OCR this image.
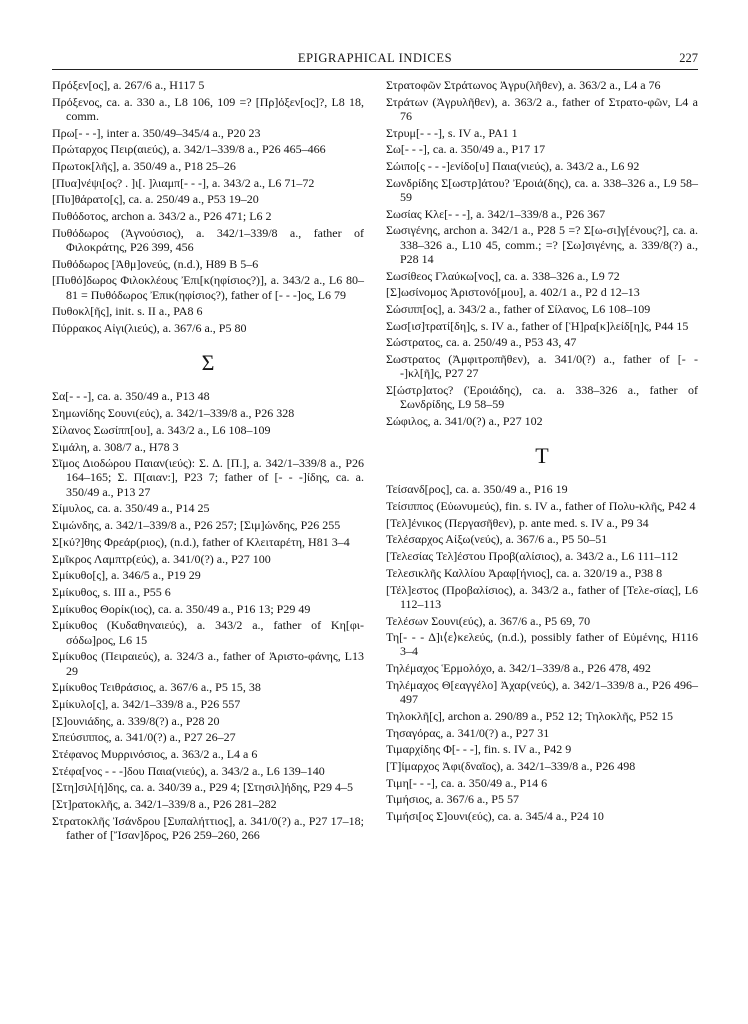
EPIGRAPHICAL INDICES	227

Πρόξεν[ος], a. 267/6 a., H117 5

Πρόξενος, ca. a. 330 a., L8 106, 109 =? [Πρ]όξεν[ος]?, L8 18, comm.

Πρω[- - -], inter a. 350/49–345/4 a., P20 23

Πρώταρχος Πειρ(αιεύς), a. 342/1–339/8 a., P26 465–466

Πρωτοκ[λῆς], a. 350/49 a., P18 25–26

[Πυα]νέψι[ος? . ]ι[. ]λιαμπ[- - -], a. 343/2 a., L6 71–72

[Πυ]θάρατο[ς], ca. a. 250/49 a., P53 19–20

Πυθόδοτος, archon a. 343/2 a., P26 471; L6 2

Πυθόδωρος (Ἁγνούσιος), a. 342/1–339/8 a., father of Φιλοκράτης, P26 399, 456

Πυθόδωρος [Ἀθμ]ονεύς, (n.d.), H89 B 5–6

[Πυθό]δωρος Φιλοκλέους Ἐπι[κ(ηφίσιος?)], a. 343/2 a., L6 80–81 = Πυθόδωρος Ἐπικ(ηφίσιος?), father of [- - -]ος, L6 79

Πυθοκλ[ῆς], init. s. II a., PA8 6

Πύρρακος Αἰγι(λιεύς), a. 367/6 a., P5 80

Σ

Σα[- - -], ca. a. 350/49 a., P13 48

Σημωνίδης Σουνι(εύς), a. 342/1–339/8 a., P26 328

Σίλανος Σωσίππ[ου], a. 343/2 a., L6 108–109

Σιμάλη, a. 308/7 a., H78 3

Σῖμος Διοδώρου Παιαν(ιεύς): Σ. Δ. [Π.], a. 342/1–339/8 a., P26 164–165; Σ. Π[αιαν:], P23 7; father of [- - -]ίδης, ca. a. 350/49 a., P13 27

Σίμυλος, ca. a. 350/49 a., P14 25

Σιμώνδης, a. 342/1–339/8 a., P26 257; [Σιμ]ώνδης, P26 255

Σ[κύ?]θης Φρεάρ(ριος), (n.d.), father of Κλειταρέτη, H81 3–4

Σμῖκρος Λαμπτρ(εύς), a. 341/0(?) a., P27 100

Σμίκυθο[ς], a. 346/5 a., P19 29

Σμίκυθος, s. III a., P55 6

Σμίκυθος Θορίκ(ιος), ca. a. 350/49 a., P16 13; P29 49

Σμίκυθος (Κυδαθηναιεύς), a. 343/2 a., father of Κη[φι-σόδω]ρος, L6 15

Σμίκυθος (Πειραιεύς), a. 324/3 a., father of Ἀριστο-φάνης, L13 29

Σμίκυθος Τειθράσιος, a. 367/6 a., P5 15, 38

Σμίκυλο[ς], a. 342/1–339/8 a., P26 557

[Σ]ουνιάδης, a. 339/8(?) a., P28 20

Σπεύσιππος, a. 341/0(?) a., P27 26–27

Στέφανος Μυρρινόσιος, a. 363/2 a., L4 a 6

Στέφα[νος - - -]δου Παια(νιεύς), a. 343/2 a., L6 139–140

[Στη]σιλ[ή]δης, ca. a. 340/39 a., P29 4; [Στησιλ]ήδης, P29 4–5

[Στ]ρατοκλῆς, a. 342/1–339/8 a., P26 281–282

Στρατοκλῆς Ἰσάνδρου [Συπαλήττιος], a. 341/0(?) a., P27 17–18; father of [Ἴσαν]δρος, P26 259–260, 266

Στρατοφῶν Στράτωνος Ἀγρυ(λῆθεν), a. 363/2 a., L4 a 76

Στράτων (Ἀγρυλῆθεν), a. 363/2 a., father of Στρατο-φῶν, L4 a 76

Στρυμ[- - -], s. IV a., PA1 1

Σω[- - -], ca. a. 350/49 a., P17 17

Σώιπο[ς - - -]ενίδο[υ] Παια(νιεύς), a. 343/2 a., L6 92

Σωνδρίδης Σ[ωστρ]άτου? Ἐροιά(δης), ca. a. 338–326 a., L9 58–59

Σωσίας Κλε[- - -], a. 342/1–339/8 a., P26 367

Σωσιγένης, archon a. 342/1 a., P28 5 =? Σ[ω-σι]γ[ένους?], ca. a. 338–326 a., L10 45, comm.; =? [Σω]σιγένης, a. 339/8(?) a., P28 14

Σωσίθεος Γλαύκω[νος], ca. a. 338–326 a., L9 72

[Σ]ωσίνομος Ἀριστονό[μου], a. 402/1 a., P2 d 12–13

Σώσιππ[ος], a. 343/2 a., father of Σίλανος, L6 108–109

Σωσ[ισ]τρατί[δη]ς, s. IV a., father of [Ἡ]ρα[κ]λείδ[η]ς, P44 15

Σώστρατος, ca. a. 250/49 a., P53 43, 47

Σωστρατος (Ἀμφιτροπῆθεν), a. 341/0(?) a., father of [- - -]κλ[ῆ]ς, P27 27

Σ[ώστρ]ατος? (Ἐροιάδης), ca. a. 338–326 a., father of Σωνδρίδης, L9 58–59

Σώφιλος, a. 341/0(?) a., P27 102

Τ

Τείσανδ[ρος], ca. a. 350/49 a., P16 19

Τείσιππος (Εὐωνυμεύς), fin. s. IV a., father of Πολυ-κλῆς, P42 4

[Τελ]ένικος (Περγασῆθεν), p. ante med. s. IV a., P9 34

Τελέσαρχος Αἰξω(νεύς), a. 367/6 a., P5 50–51

[Τελεσίας Τελ]έστου Προβ(αλίσιος), a. 343/2 a., L6 111–112

Τελεσικλῆς Καλλίου Ἀραφ[ήνιος], ca. a. 320/19 a., P38 8

[Τέλ]εστος (Προβαλίσιος), a. 343/2 a., father of [Τελε-σίας], L6 112–113

Τελέσων Σουνι(εύς), a. 367/6 a., P5 69, 70

Τη[- - - Δ]ι⟨ε⟩κελεύς, (n.d.), possibly father of Εὐμένης, H116 3–4

Τηλέμαχος Ἑρμολόχο, a. 342/1–339/8 a., P26 478, 492

Τηλέμαχος Θ[εαγγέλο] Ἀχαρ(νεύς), a. 342/1–339/8 a., P26 496–497

Τηλοκλῆ[ς], archon a. 290/89 a., P52 12; Τηλοκλῆς, P52 15

Τησαγόρας, a. 341/0(?) a., P27 31

Τιμαρχίδης Φ[- - -], fin. s. IV a., P42 9

[Τ]ίμαρχος Ἀφι(δναῖος), a. 342/1–339/8 a., P26 498

Τιμη[- - -], ca. a. 350/49 a., P14 6

Τιμήσιος, a. 367/6 a., P5 57

Τιμήσι[ος Σ]ουνι(εύς), ca. a. 345/4 a., P24 10
